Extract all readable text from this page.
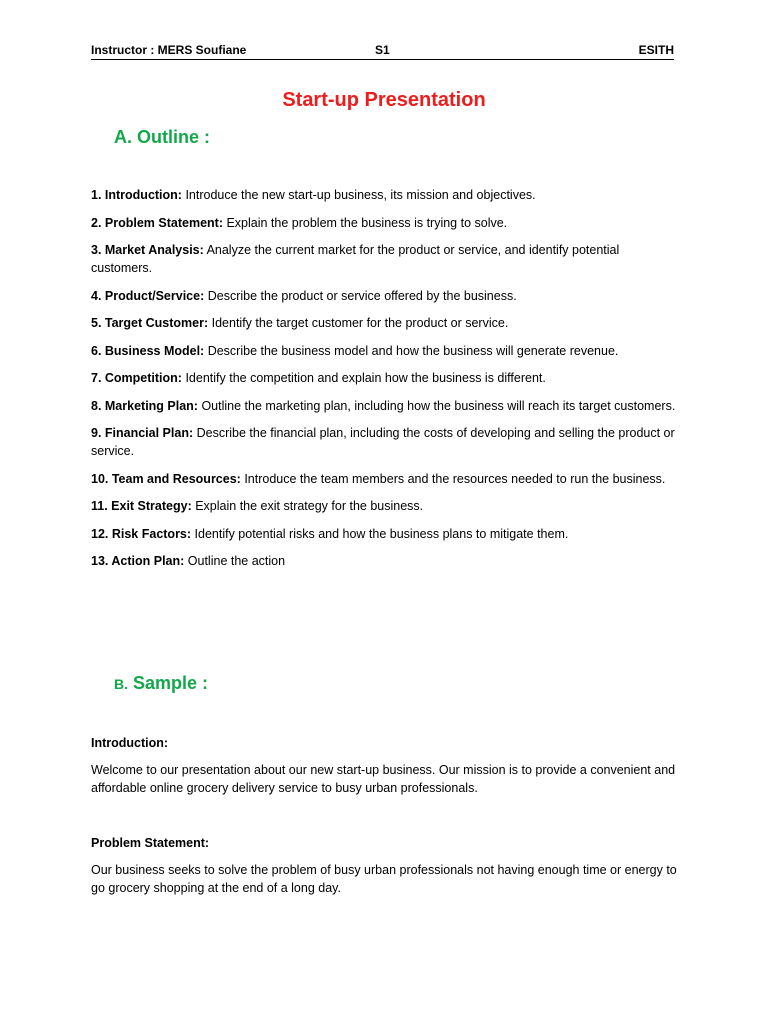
Instructor : MERS Soufiane	S1	ESITH
Start-up Presentation
A. Outline :
1. Introduction: Introduce the new start-up business, its mission and objectives.
2. Problem Statement: Explain the problem the business is trying to solve.
3. Market Analysis: Analyze the current market for the product or service, and identify potential customers.
4. Product/Service: Describe the product or service offered by the business.
5. Target Customer: Identify the target customer for the product or service.
6. Business Model: Describe the business model and how the business will generate revenue.
7. Competition: Identify the competition and explain how the business is different.
8. Marketing Plan: Outline the marketing plan, including how the business will reach its target customers.
9. Financial Plan: Describe the financial plan, including the costs of developing and selling the product or service.
10. Team and Resources: Introduce the team members and the resources needed to run the business.
11. Exit Strategy: Explain the exit strategy for the business.
12. Risk Factors: Identify potential risks and how the business plans to mitigate them.
13. Action Plan: Outline the action
B. Sample :

Introduction:

Welcome to our presentation about our new start-up business. Our mission is to provide a convenient and affordable online grocery delivery service to busy urban professionals.

Problem Statement:

Our business seeks to solve the problem of busy urban professionals not having enough time or energy to go grocery shopping at the end of a long day.
